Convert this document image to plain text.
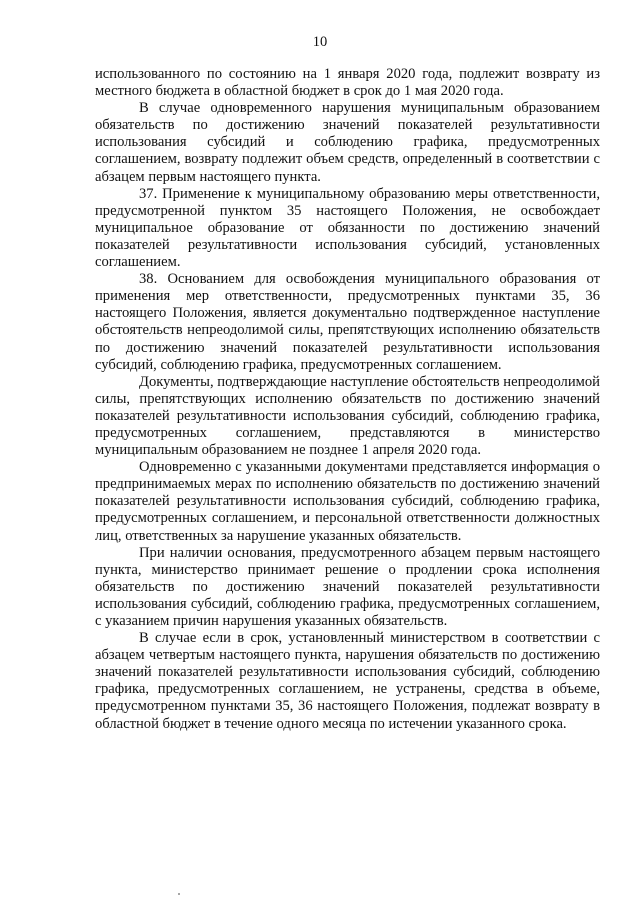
10

использованного по состоянию на 1 января 2020 года, подлежит возврату из местного бюджета в областной бюджет в срок до 1 мая 2020 года.

В случае одновременного нарушения муниципальным образованием обязательств по достижению значений показателей результативности использования субсидий и соблюдению графика, предусмотренных соглашением, возврату подлежит объем средств, определенный в соответствии с абзацем первым настоящего пункта.

37. Применение к муниципальному образованию меры ответственности, предусмотренной пунктом 35 настоящего Положения, не освобождает муниципальное образование от обязанности по достижению значений показателей результативности использования субсидий, установленных соглашением.

38. Основанием для освобождения муниципального образования от применения мер ответственности, предусмотренных пунктами 35, 36 настоящего Положения, является документально подтвержденное наступление обстоятельств непреодолимой силы, препятствующих исполнению обязательств по достижению значений показателей результативности использования субсидий, соблюдению графика, предусмотренных соглашением.

Документы, подтверждающие наступление обстоятельств непреодолимой силы, препятствующих исполнению обязательств по достижению значений показателей результативности использования субсидий, соблюдению графика, предусмотренных соглашением, представляются в министерство муниципальным образованием не позднее 1 апреля 2020 года.

Одновременно с указанными документами представляется информация о предпринимаемых мерах по исполнению обязательств по достижению значений показателей результативности использования субсидий, соблюдению графика, предусмотренных соглашением, и персональной ответственности должностных лиц, ответственных за нарушение указанных обязательств.

При наличии основания, предусмотренного абзацем первым настоящего пункта, министерство принимает решение о продлении срока исполнения обязательств по достижению значений показателей результативности использования субсидий, соблюдению графика, предусмотренных соглашением, с указанием причин нарушения указанных обязательств.

В случае если в срок, установленный министерством в соответствии с абзацем четвертым настоящего пункта, нарушения обязательств по достижению значений показателей результативности использования субсидий, соблюдению графика, предусмотренных соглашением, не устранены, средства в объеме, предусмотренном пунктами 35, 36 настоящего Положения, подлежат возврату в областной бюджет в течение одного месяца по истечении указанного срока.
